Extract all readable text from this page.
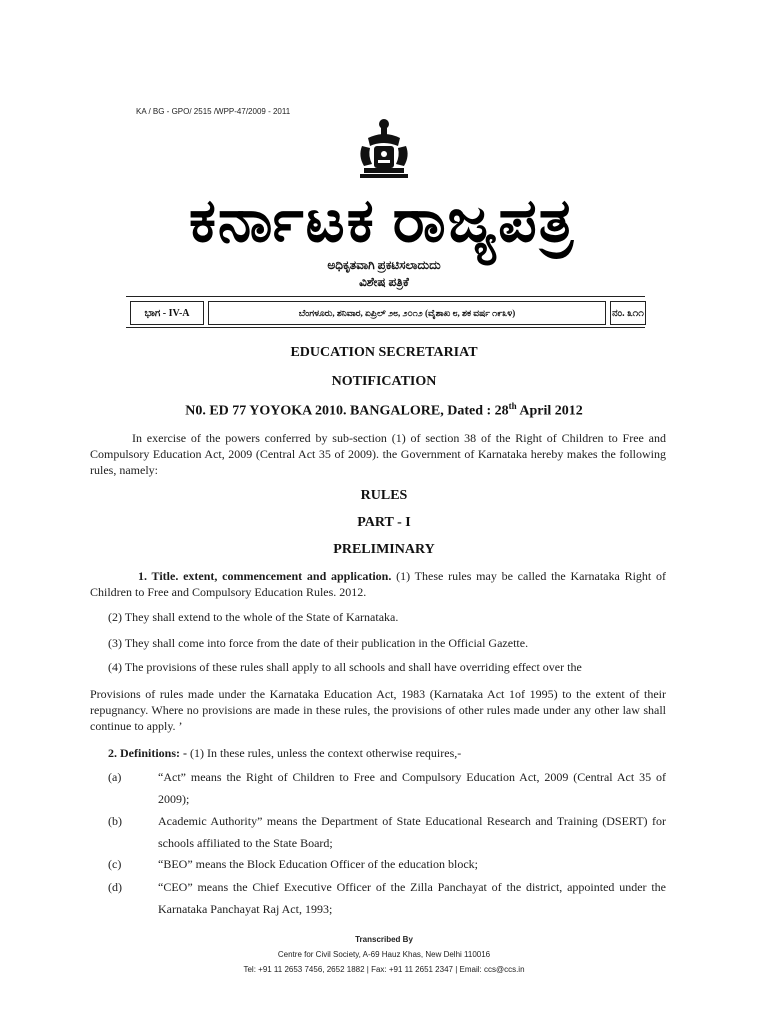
KA / BG - GPO/ 2515 /WPP-47/2009 - 2011
ಕರ್ನಾಟಕ ರಾಜ್ಯಪತ್ರ
ಅಧಿಕೃತವಾಗಿ ಪ್ರಕಟಿಸಲಾದುದು
ವಿಶೇಷ ಪತ್ರಿಕೆ
ಭಾಗ - IV-A	ಬೆಂಗಳೂರು, ಶನಿವಾರ, ಏಪ್ರಿಲ್ ೨೮, ೨೦೧೨ (ವೈಶಾಖ ೮, ಶಕ ವರ್ಷ ೧೯೩೪)	ನಂ. ೩೧೧
EDUCATION SECRETARIAT
NOTIFICATION
N0. ED 77 YOYOKA 2010. BANGALORE, Dated : 28th April 2012
In exercise of the powers conferred by sub-section (1) of section 38 of the Right of Children to Free and Compulsory Education Act, 2009 (Central Act 35 of 2009). the Government of Karnataka hereby makes the following rules, namely:
RULES
PART - I
PRELIMINARY
1. Title. extent, commencement and application. (1) These rules may be called the Karnataka Right of Children to Free and Compulsory Education Rules. 2012.
(2) They shall extend to the whole of the State of Karnataka.
(3) They shall come into force from the date of their publication in the Official Gazette.
(4) The provisions of these rules shall apply to all schools and shall have overriding effect over the
Provisions of rules made under the Karnataka Education Act, 1983 (Karnataka Act 1of 1995) to the extent of their repugnancy. Where no provisions are made in these rules, the provisions of other rules made under any other law shall continue to apply. ’
2. Definitions: - (1) In these rules, unless the context otherwise requires,-
(a)	“Act” means the Right of Children to Free and Compulsory Education Act, 2009 (Central Act 35 of 2009);
(b)	Academic Authority” means the Department of State Educational Research and Training (DSERT) for schools affiliated to the State Board;
(c)	“BEO” means the Block Education Officer of the education block;
(d)	“CEO” means the Chief Executive Officer of the Zilla Panchayat of the district, appointed under the Karnataka Panchayat Raj Act, 1993;
Transcribed By
Centre for Civil Society, A-69 Hauz Khas, New Delhi 110016
Tel: +91 11 2653 7456, 2652 1882 | Fax: +91 11 2651 2347 | Email: ccs@ccs.in
